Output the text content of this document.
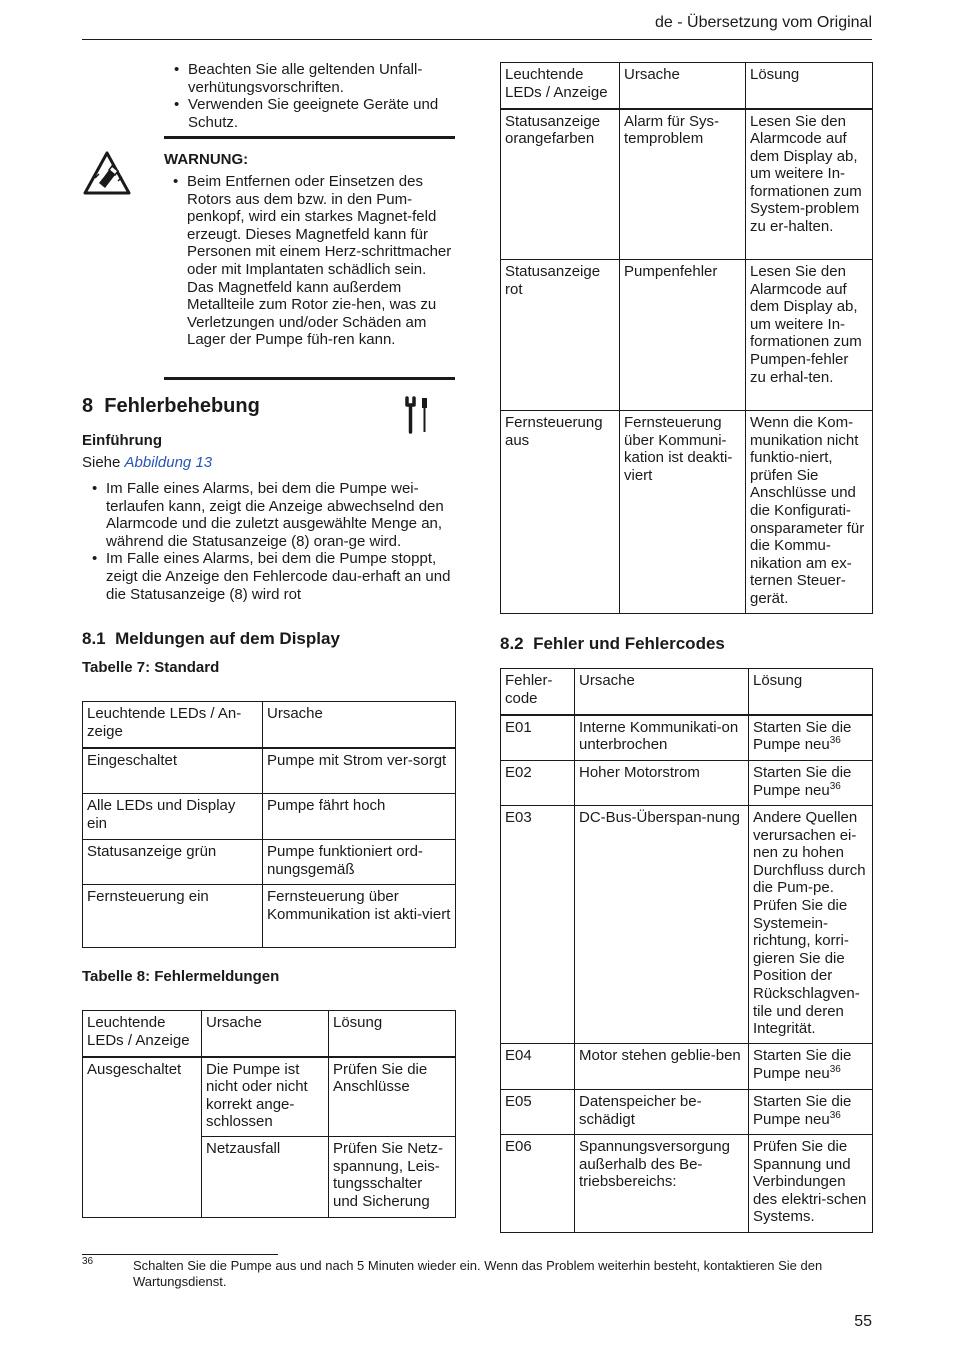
de - Übersetzung vom Original
• Beachten Sie alle geltenden Unfall-verhütungsvorschriften.
• Verwenden Sie geeignete Geräte und Schutz.
WARNUNG:
• Beim Entfernen oder Einsetzen des Rotors aus dem bzw. in den Pum-penkopf, wird ein starkes Magnet-feld erzeugt. Dieses Magnetfeld kann für Personen mit einem Herz-schrittmacher oder mit Implantaten schädlich sein. Das Magnetfeld kann außerdem Metallteile zum Rotor zie-hen, was zu Verletzungen und/oder Schäden am Lager der Pumpe füh-ren kann.
8 Fehlerbehebung
Einführung
Siehe Abbildung 13
• Im Falle eines Alarms, bei dem die Pumpe wei-terlaufen kann, zeigt die Anzeige abwechselnd den Alarmcode und die zuletzt ausgewählte Menge an, während die Statusanzeige (8) oran-ge wird.
• Im Falle eines Alarms, bei dem die Pumpe stoppt, zeigt die Anzeige den Fehlercode dau-erhaft an und die Statusanzeige (8) wird rot
8.1 Meldungen auf dem Display
Tabelle 7: Standard
Leuchtende LEDs / An-zeige	Ursache
Eingeschaltet	Pumpe mit Strom ver-sorgt
Alle LEDs und Display ein	Pumpe fährt hoch
Statusanzeige grün	Pumpe funktioniert ord-nungsgemäß
Fernsteuerung ein	Fernsteuerung über Kommunikation ist akti-viert
Tabelle 8: Fehlermeldungen
Leuchtende LEDs / Anzeige	Ursache	Lösung
Ausgeschaltet	Die Pumpe ist nicht oder nicht korrekt ange-schlossen	Prüfen Sie die Anschlüsse
	Netzausfall	Prüfen Sie Netz-spannung, Leis-tungsschalter und Sicherung
Leuchtende LEDs / Anzeige	Ursache	Lösung
Statusanzeige orangefarben	Alarm für Sys-temproblem	Lesen Sie den Alarmcode auf dem Display ab, um weitere In-formationen zum System-problem zu er-halten.
Statusanzeige rot	Pumpenfehler	Lesen Sie den Alarmcode auf dem Display ab, um weitere In-formationen zum Pumpen-fehler zu erhal-ten.
Fernsteuerung aus	Fernsteuerung über Kommuni-kation ist deakti-viert	Wenn die Kom-munikation nicht funktio-niert, prüfen Sie Anschlüsse und die Konfigurati-onsparameter für die Kommu-nikation am ex-ternen Steuer-gerät.
8.2 Fehler und Fehlercodes
Fehler-code	Ursache	Lösung
E01	Interne Kommunikati-on unterbrochen	Starten Sie die Pumpe neu$^{36}$
E02	Hoher Motorstrom	Starten Sie die Pumpe neu$^{36}$
E03	DC-Bus-Überspan-nung	Andere Quellen verursachen ei-nen zu hohen Durchfluss durch die Pum-pe. Prüfen Sie die Systemein-richtung, korri-gieren Sie die Position der Rückschlagven-tile und deren Integrität.
E04	Motor stehen geblie-ben	Starten Sie die Pumpe neu$^{36}$
E05	Datenspeicher be-schädigt	Starten Sie die Pumpe neu$^{36}$
E06	Spannungsversorgung außerhalb des Be-triebsbereichs:	Prüfen Sie die Spannung und Verbindungen des elektri-schen Systems.
36	Schalten Sie die Pumpe aus und nach 5 Minuten wieder ein. Wenn das Problem weiterhin besteht, kontaktieren Sie den Wartungsdienst.
55
